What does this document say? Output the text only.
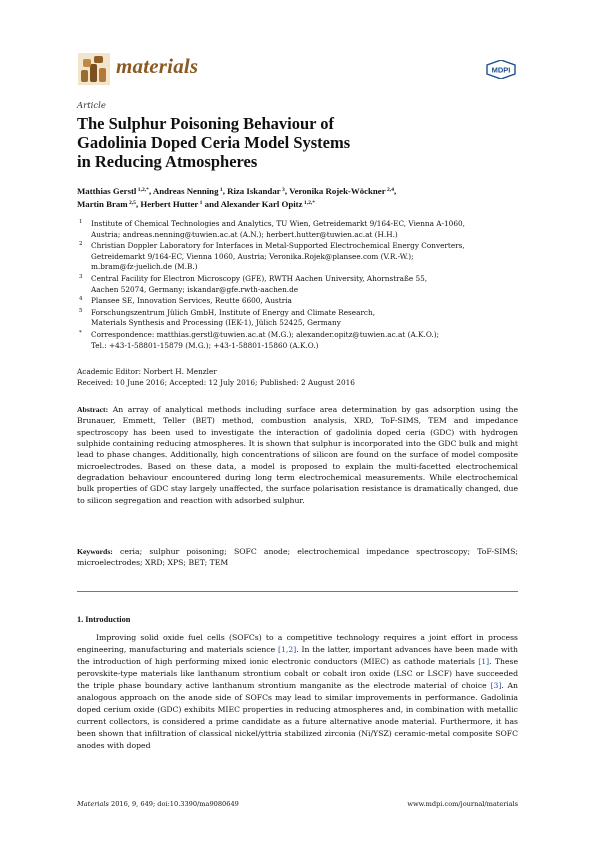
materials	MDPI
Article
The Sulphur Poisoning Behaviour of
Gadolinia Doped Ceria Model Systems
in Reducing Atmospheres
Matthias Gerstl $^{1,2,*}$, Andreas Nenning $^1$, Riza Iskandar $^3$, Veronika Rojek-Wöckner $^{2,4}$,
Martin Bram $^{2,5}$, Herbert Hutter $^1$ and Alexander Karl Opitz $^{1,2,*}$
1 Institute of Chemical Technologies and Analytics, TU Wien, Getreidemarkt 9/164-EC, Vienna A-1060,
Austria; andreas.nenning@tuwien.ac.at (A.N.); herbert.hutter@tuwien.ac.at (H.H.)
2 Christian Doppler Laboratory for Interfaces in Metal-Supported Electrochemical Energy Converters,
Getreidemarkt 9/164-EC, Vienna 1060, Austria; Veronika.Rojek@plansee.com (V.R.-W.);
m.bram@fz-juelich.de (M.B.)
3 Central Facility for Electron Microscopy (GFE), RWTH Aachen University, Ahornstraße 55,
Aachen 52074, Germany; iskandar@gfe.rwth-aachen.de
4 Plansee SE, Innovation Services, Reutte 6600, Austria
5 Forschungszentrum Jülich GmbH, Institute of Energy and Climate Research,
Materials Synthesis and Processing (IEK-1), Jülich 52425, Germany
* Correspondence: matthias.gerstl@tuwien.ac.at (M.G.); alexander.opitz@tuwien.ac.at (A.K.O.);
Tel.: +43-1-58801-15879 (M.G.); +43-1-58801-15860 (A.K.O.)
Academic Editor: Norbert H. Menzler
Received: 10 June 2016; Accepted: 12 July 2016; Published: 2 August 2016
Abstract: An array of analytical methods including surface area determination by gas adsorption using the Brunauer, Emmett, Teller (BET) method, combustion analysis, XRD, ToF-SIMS, TEM and impedance spectroscopy has been used to investigate the interaction of gadolinia doped ceria (GDC) with hydrogen sulphide containing reducing atmospheres. It is shown that sulphur is incorporated into the GDC bulk and might lead to phase changes. Additionally, high concentrations of silicon are found on the surface of model composite microelectrodes. Based on these data, a model is proposed to explain the multi-facetted electrochemical degradation behaviour encountered during long term electrochemical measurements. While electrochemical bulk properties of GDC stay largely unaffected, the surface polarisation resistance is dramatically changed, due to silicon segregation and reaction with adsorbed sulphur.
Keywords: ceria; sulphur poisoning; SOFC anode; electrochemical impedance spectroscopy; ToF-SIMS; microelectrodes; XRD; XPS; BET; TEM
1. Introduction
Improving solid oxide fuel cells (SOFCs) to a competitive technology requires a joint effort in process engineering, manufacturing and materials science [1,2]. In the latter, important advances have been made with the introduction of high performing mixed ionic electronic conductors (MIEC) as cathode materials [1]. These perovskite-type materials like lanthanum strontium cobalt or cobalt iron oxide (LSC or LSCF) have succeeded the triple phase boundary active lanthanum strontium manganite as the electrode material of choice [3]. An analogous approach on the anode side of SOFCs may lead to similar improvements in performance. Gadolinia doped cerium oxide (GDC) exhibits MIEC properties in reducing atmospheres and, in combination with metallic current collectors, is considered a prime candidate as a future alternative anode material. Furthermore, it has been shown that infiltration of classical nickel/yttria stabilized zirconia (Ni/YSZ) ceramic-metal composite SOFC anodes with doped
Materials 2016, 9, 649; doi:10.3390/ma9080649	www.mdpi.com/journal/materials
